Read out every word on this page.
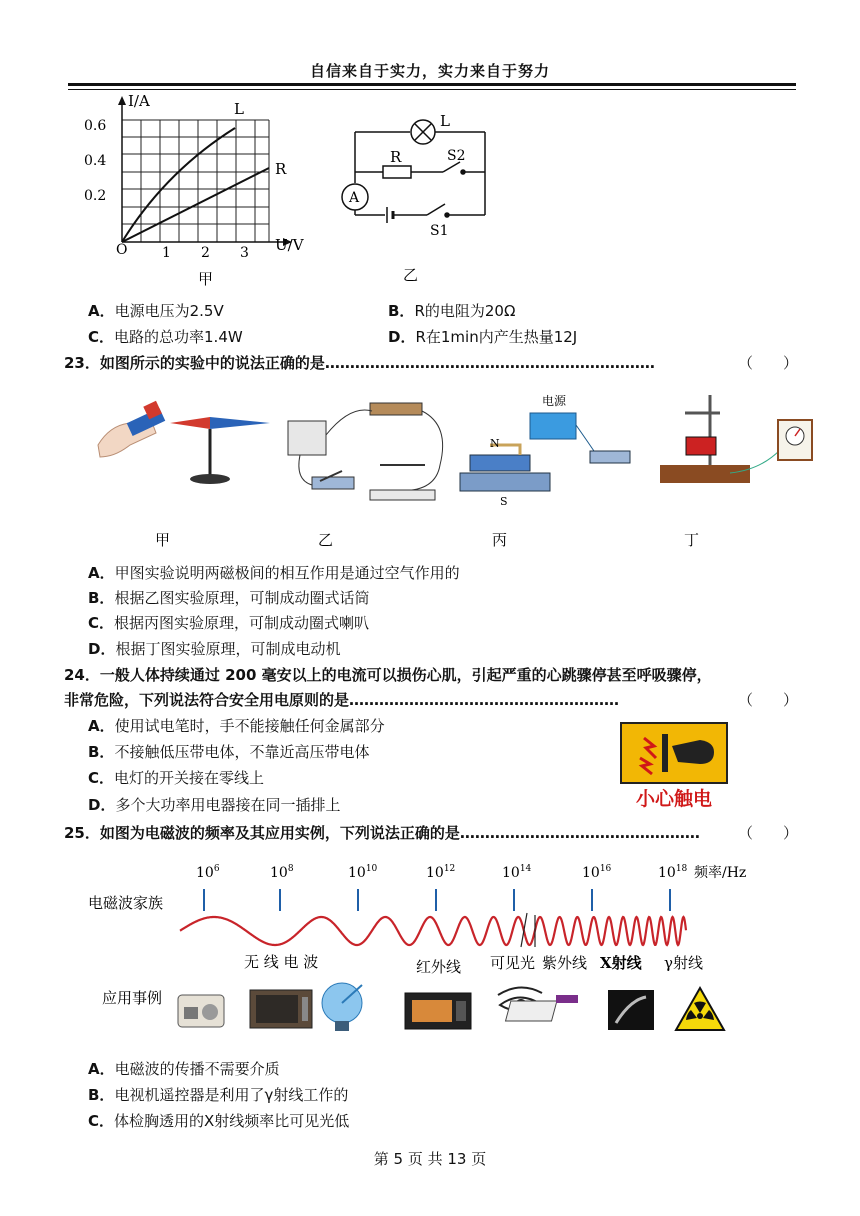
自信来自于实力，实力来自于努力
I/A
U/V
O
0.6
0.4
0.2
1 2 3
L
R
甲
L
R	S2
A
S1
乙
A．电源电压为2.5V	B．R的电阻为20Ω
C．电路的总功率1.4W	D．R在1min内产生热量12J
23．如图所示的实验中的说法正确的是…………………………………………………………	（　　）
电源
N
S
甲	乙	丙	丁
A．甲图实验说明两磁极间的相互作用是通过空气作用的
B．根据乙图实验原理，可制成动圈式话筒
C．根据丙图实验原理，可制成动圈式喇叭
D．根据丁图实验原理，可制成电动机
24．一般人体持续通过 200 毫安以上的电流可以损伤心肌，引起严重的心跳骤停甚至呼吸骤停，
非常危险，下列说法符合安全用电原则的是………………………………………………	（　　）
A．使用试电笔时，手不能接触任何金属部分
B．不接触低压带电体，不靠近高压带电体
C．电灯的开关接在零线上
D．多个大功率用电器接在同一插排上	小心触电
25．如图为电磁波的频率及其应用实例，下列说法正确的是…………………………………………	（　　）
电磁波家族
$10^6$	$10^8$	$10^{10}$	$10^{12}$	$10^{14}$	$10^{16}$	$10^{18}$ 频率/Hz
无 线 电 波	红外线 可见光 紫外线 X射线 γ射线
应用事例
A．电磁波的传播不需要介质
B．电视机遥控器是利用了γ射线工作的
C．体检胸透用的X射线频率比可见光低
第 5 页 共 13 页
